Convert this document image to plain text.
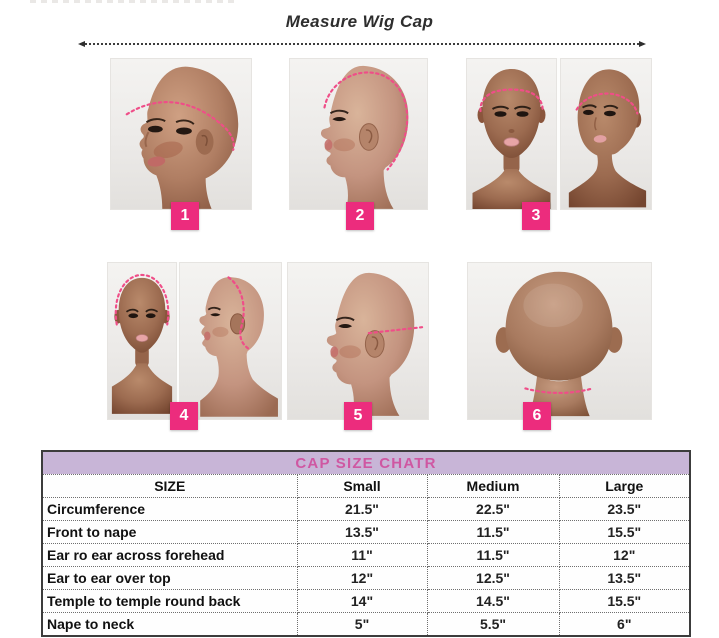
Measure Wig Cap
1	2	3
4	5	6
CAP SIZE CHATR			
SIZE	Small	Medium	Large
Circumference	21.5"	22.5"	23.5"
Front to nape	13.5"	11.5"	15.5"
Ear ro ear across forehead	11"	11.5"	12"
Ear to ear over top	12"	12.5"	13.5"
Temple to temple round back	14"	14.5"	15.5"
Nape to neck	5"	5.5"	6"
